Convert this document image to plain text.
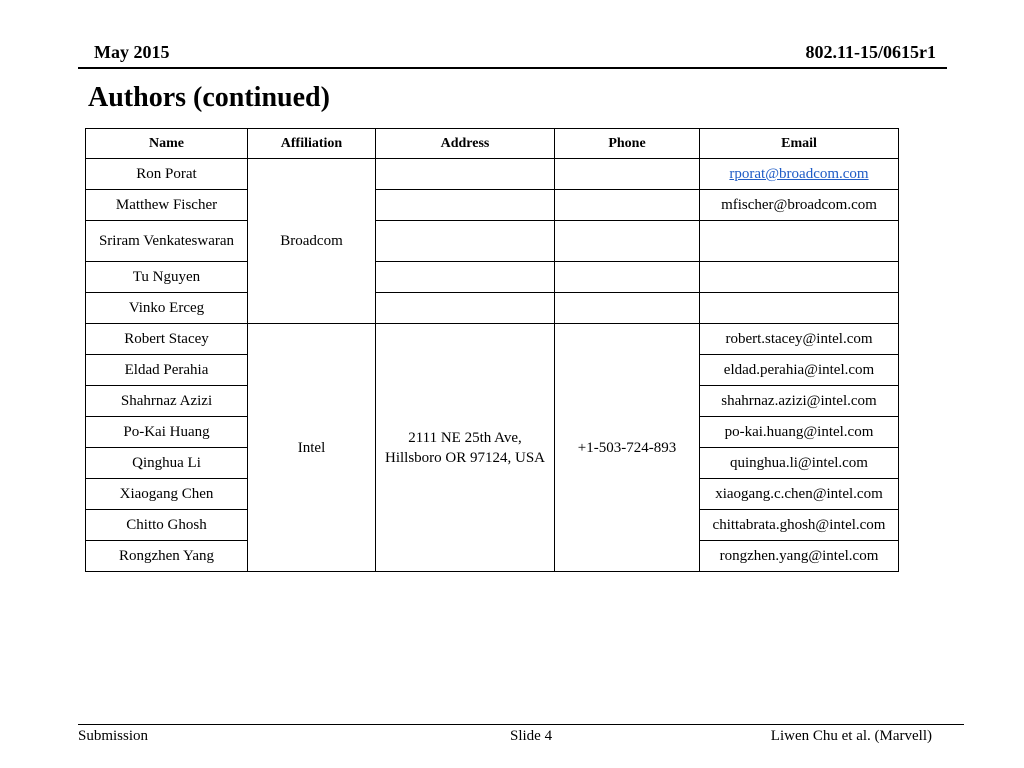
May 2015	802.11-15/0615r1
Authors (continued)
Name	Affiliation	Address	Phone	Email
Ron Porat	Broadcom			rporat@broadcom.com
Matthew Fischer				mfischer@broadcom.com
Sriram Venkateswaran				
Tu Nguyen				
Vinko Erceg				
Robert Stacey	Intel	2111 NE 25th Ave, Hillsboro OR 97124, USA	+1-503-724-893	robert.stacey@intel.com
Eldad Perahia				eldad.perahia@intel.com
Shahrnaz Azizi				shahrnaz.azizi@intel.com
Po-Kai Huang				po-kai.huang@intel.com
Qinghua Li				quinghua.li@intel.com
Xiaogang Chen				xiaogang.c.chen@intel.com
Chitto Ghosh				chittabrata.ghosh@intel.com
Rongzhen Yang				rongzhen.yang@intel.com
Submission	Slide 4	Liwen Chu et al. (Marvell)
